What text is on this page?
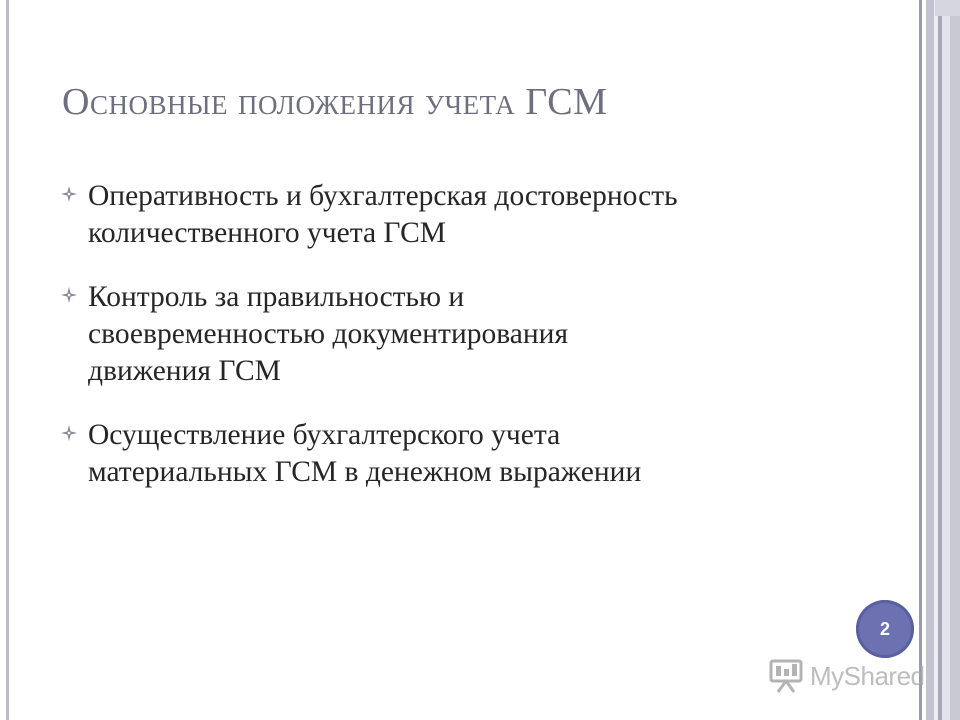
Основные положения учета ГСМ
Оперативность и бухгалтерская достоверность
количественного учета ГСМ
Контроль за правильностью и
своевременностью документирования
движения ГСМ
Осуществление бухгалтерского учета
материальных ГСМ в денежном выражении
2
MyShared
